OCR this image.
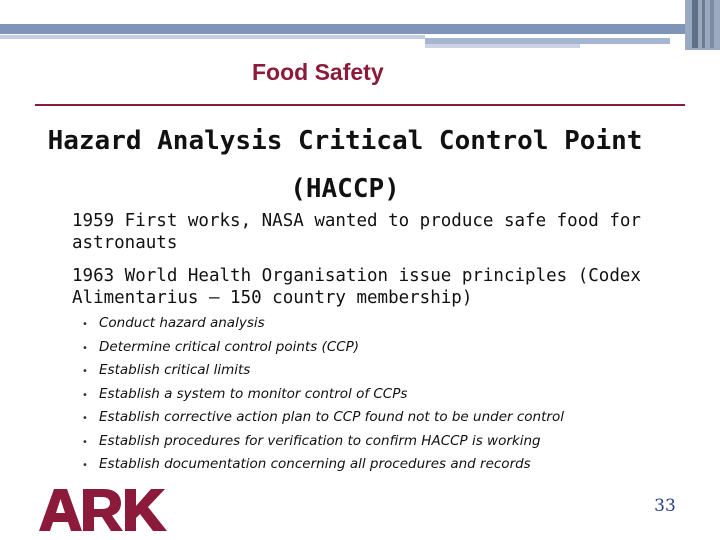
Food Safety
Hazard Analysis Critical Control Point
(HACCP)
1959 First works, NASA wanted to produce safe food for
astronauts
1963 World Health Organisation issue principles (Codex
Alimentarius – 150 country membership)
• Conduct hazard analysis
• Determine critical control points (CCP)
• Establish critical limits
• Establish a system to monitor control of CCPs
• Establish corrective action plan to CCP found not to be under control
• Establish procedures for verification to confirm HACCP is working
• Establish documentation concerning all procedures and records
33
